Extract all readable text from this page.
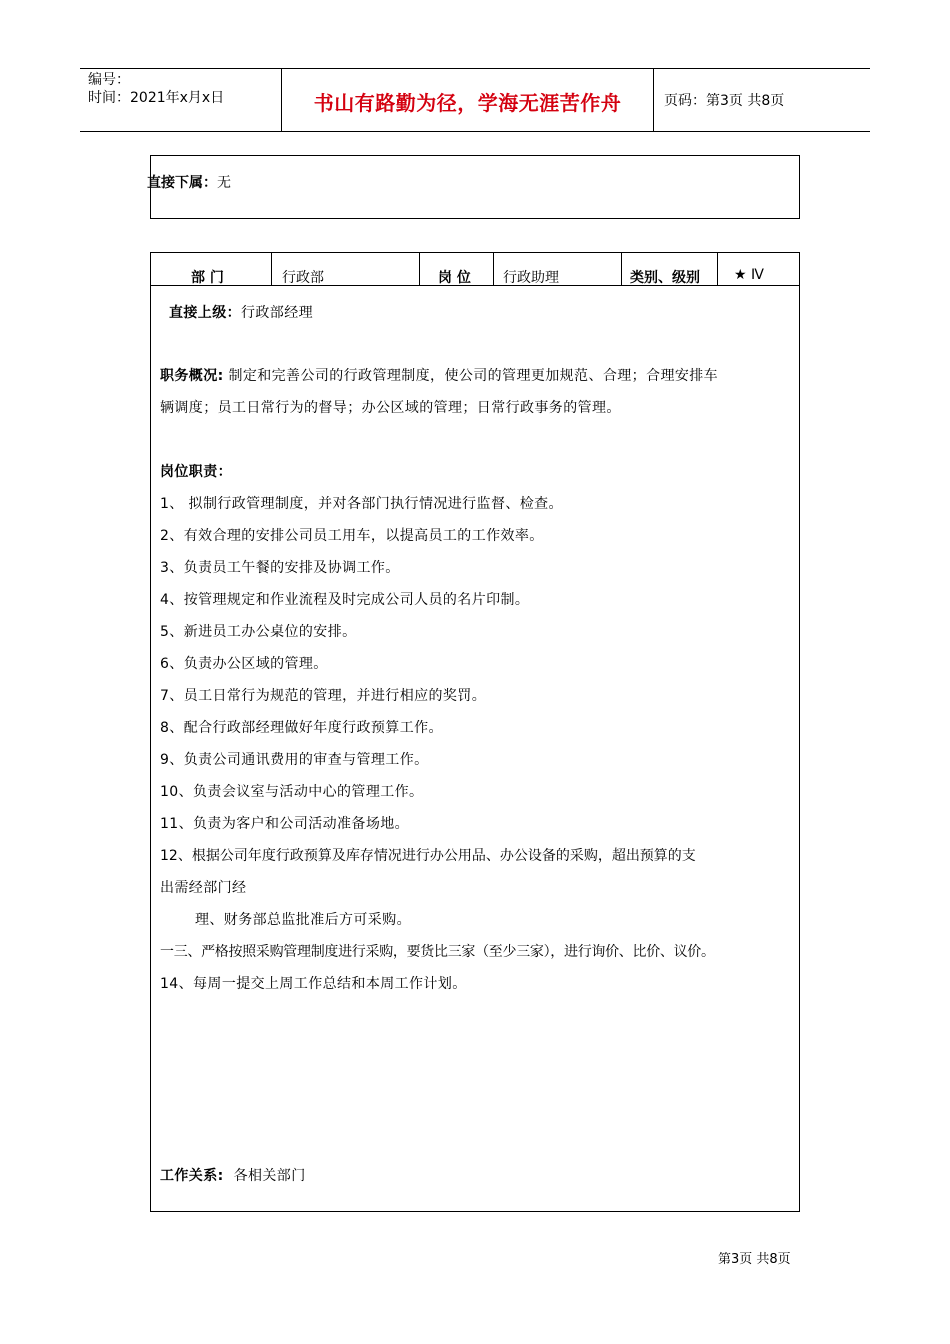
编号：
时间：2021年x月x日	书山有路勤为径，学海无涯苦作舟	页码：第3页 共8页
直接下属：无
部 门	行政部	岗 位	行政助理	类别、级别	★ Ⅳ
直接上级：行政部经理
职务概况: 制定和完善公司的行政管理制度，使公司的管理更加规范、合理；合理安排车
辆调度；员工日常行为的督导；办公区域的管理；日常行政事务的管理。
岗位职责：
1、 拟制行政管理制度，并对各部门执行情况进行监督、检查。
2、有效合理的安排公司员工用车，以提高员工的工作效率。
3、负责员工午餐的安排及协调工作。
4、按管理规定和作业流程及时完成公司人员的名片印制。
5、新进员工办公桌位的安排。
6、负责办公区域的管理。
7、员工日常行为规范的管理，并进行相应的奖罚。
8、配合行政部经理做好年度行政预算工作。
9、负责公司通讯费用的审查与管理工作。
10、负责会议室与活动中心的管理工作。
11、负责为客户和公司活动准备场地。
12、根据公司年度行政预算及库存情况进行办公用品、办公设备的采购，超出预算的支
出需经部门经
理、财务部总监批准后方可采购。
一三、严格按照采购管理制度进行采购，要货比三家（至少三家），进行询价、比价、议价。
14、每周一提交上周工作总结和本周工作计划。
工作关系: 各相关部门
第3页 共8页
